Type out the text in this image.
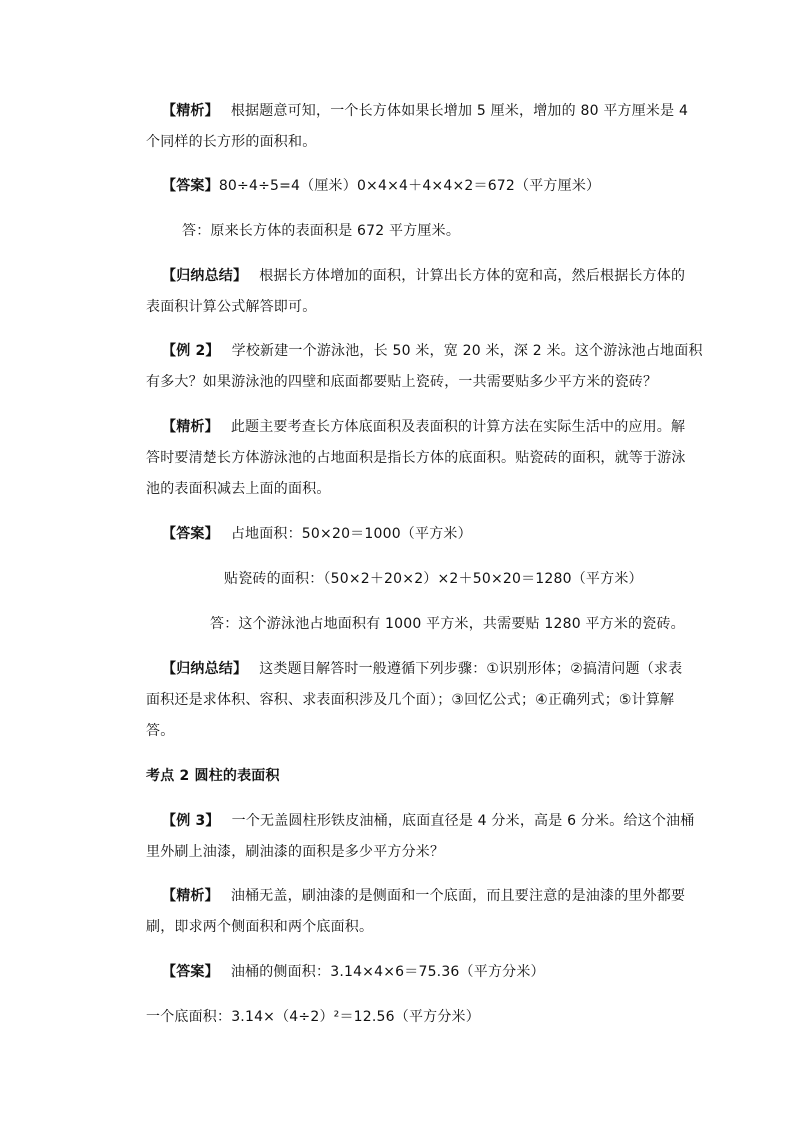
【精析】 根据题意可知，一个长方体如果长增加 5 厘米，增加的 80 平方厘米是 4
个同样的长方形的面积和。
【答案】80÷4÷5=4（厘米）0×4×4＋4×4×2＝672（平方厘米）
答：原来长方体的表面积是 672 平方厘米。
【归纳总结】 根据长方体增加的面积，计算出长方体的宽和高，然后根据长方体的
表面积计算公式解答即可。
【例 2】 学校新建一个游泳池，长 50 米，宽 20 米，深 2 米。这个游泳池占地面积
有多大？如果游泳池的四壁和底面都要贴上瓷砖，一共需要贴多少平方米的瓷砖？
【精析】 此题主要考查长方体底面积及表面积的计算方法在实际生活中的应用。解
答时要清楚长方体游泳池的占地面积是指长方体的底面积。贴瓷砖的面积，就等于游泳
池的表面积减去上面的面积。
【答案】 占地面积：50×20＝1000（平方米）
贴瓷砖的面积：（50×2＋20×2）×2＋50×20＝1280（平方米）
答：这个游泳池占地面积有 1000 平方米，共需要贴 1280 平方米的瓷砖。
【归纳总结】 这类题目解答时一般遵循下列步骤：①识别形体；②搞清问题（求表
面积还是求体积、容积、求表面积涉及几个面）；③回忆公式；④正确列式；⑤计算解
答。
考点 2 圆柱的表面积
【例 3】 一个无盖圆柱形铁皮油桶，底面直径是 4 分米，高是 6 分米。给这个油桶
里外刷上油漆，刷油漆的面积是多少平方分米？
【精析】 油桶无盖，刷油漆的是侧面和一个底面，而且要注意的是油漆的里外都要
刷，即求两个侧面积和两个底面积。
【答案】 油桶的侧面积：3.14×4×6＝75.36（平方分米）
一个底面积：3.14×（4÷2）²＝12.56（平方分米）
